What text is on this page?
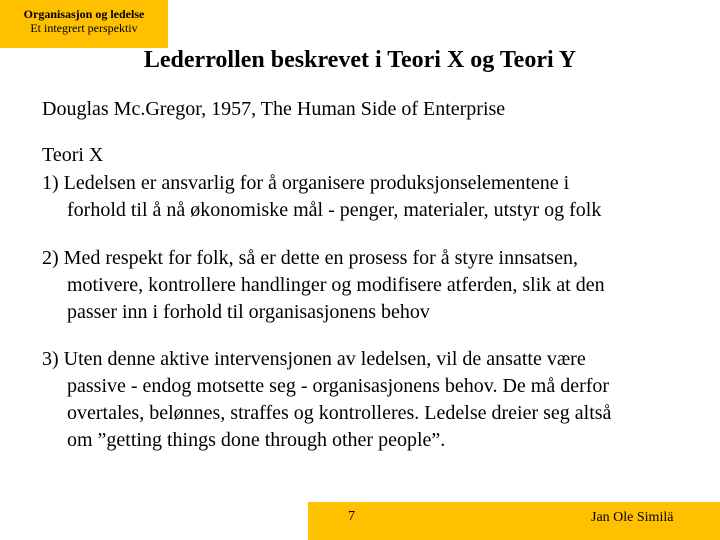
Organisasjon og ledelse
Et integrert perspektiv
Lederrollen beskrevet i Teori X og Teori Y
Douglas Mc.Gregor, 1957, The Human Side of Enterprise
Teori X
1) Ledelsen er ansvarlig for å organisere produksjonselementene i
forhold til å nå økonomiske mål - penger, materialer, utstyr og folk
2) Med respekt for folk, så er dette en prosess for å styre innsatsen,
motivere, kontrollere handlinger og modifisere atferden, slik at den
passer inn i forhold til organisasjonens behov
3) Uten denne aktive intervensjonen av ledelsen, vil de ansatte være
passive - endog motsette seg - organisasjonens behov. De må derfor
overtales, belønnes, straffes og kontrolleres. Ledelse dreier seg altså
om ”getting things done through other people”.
7	Jan Ole Similä
